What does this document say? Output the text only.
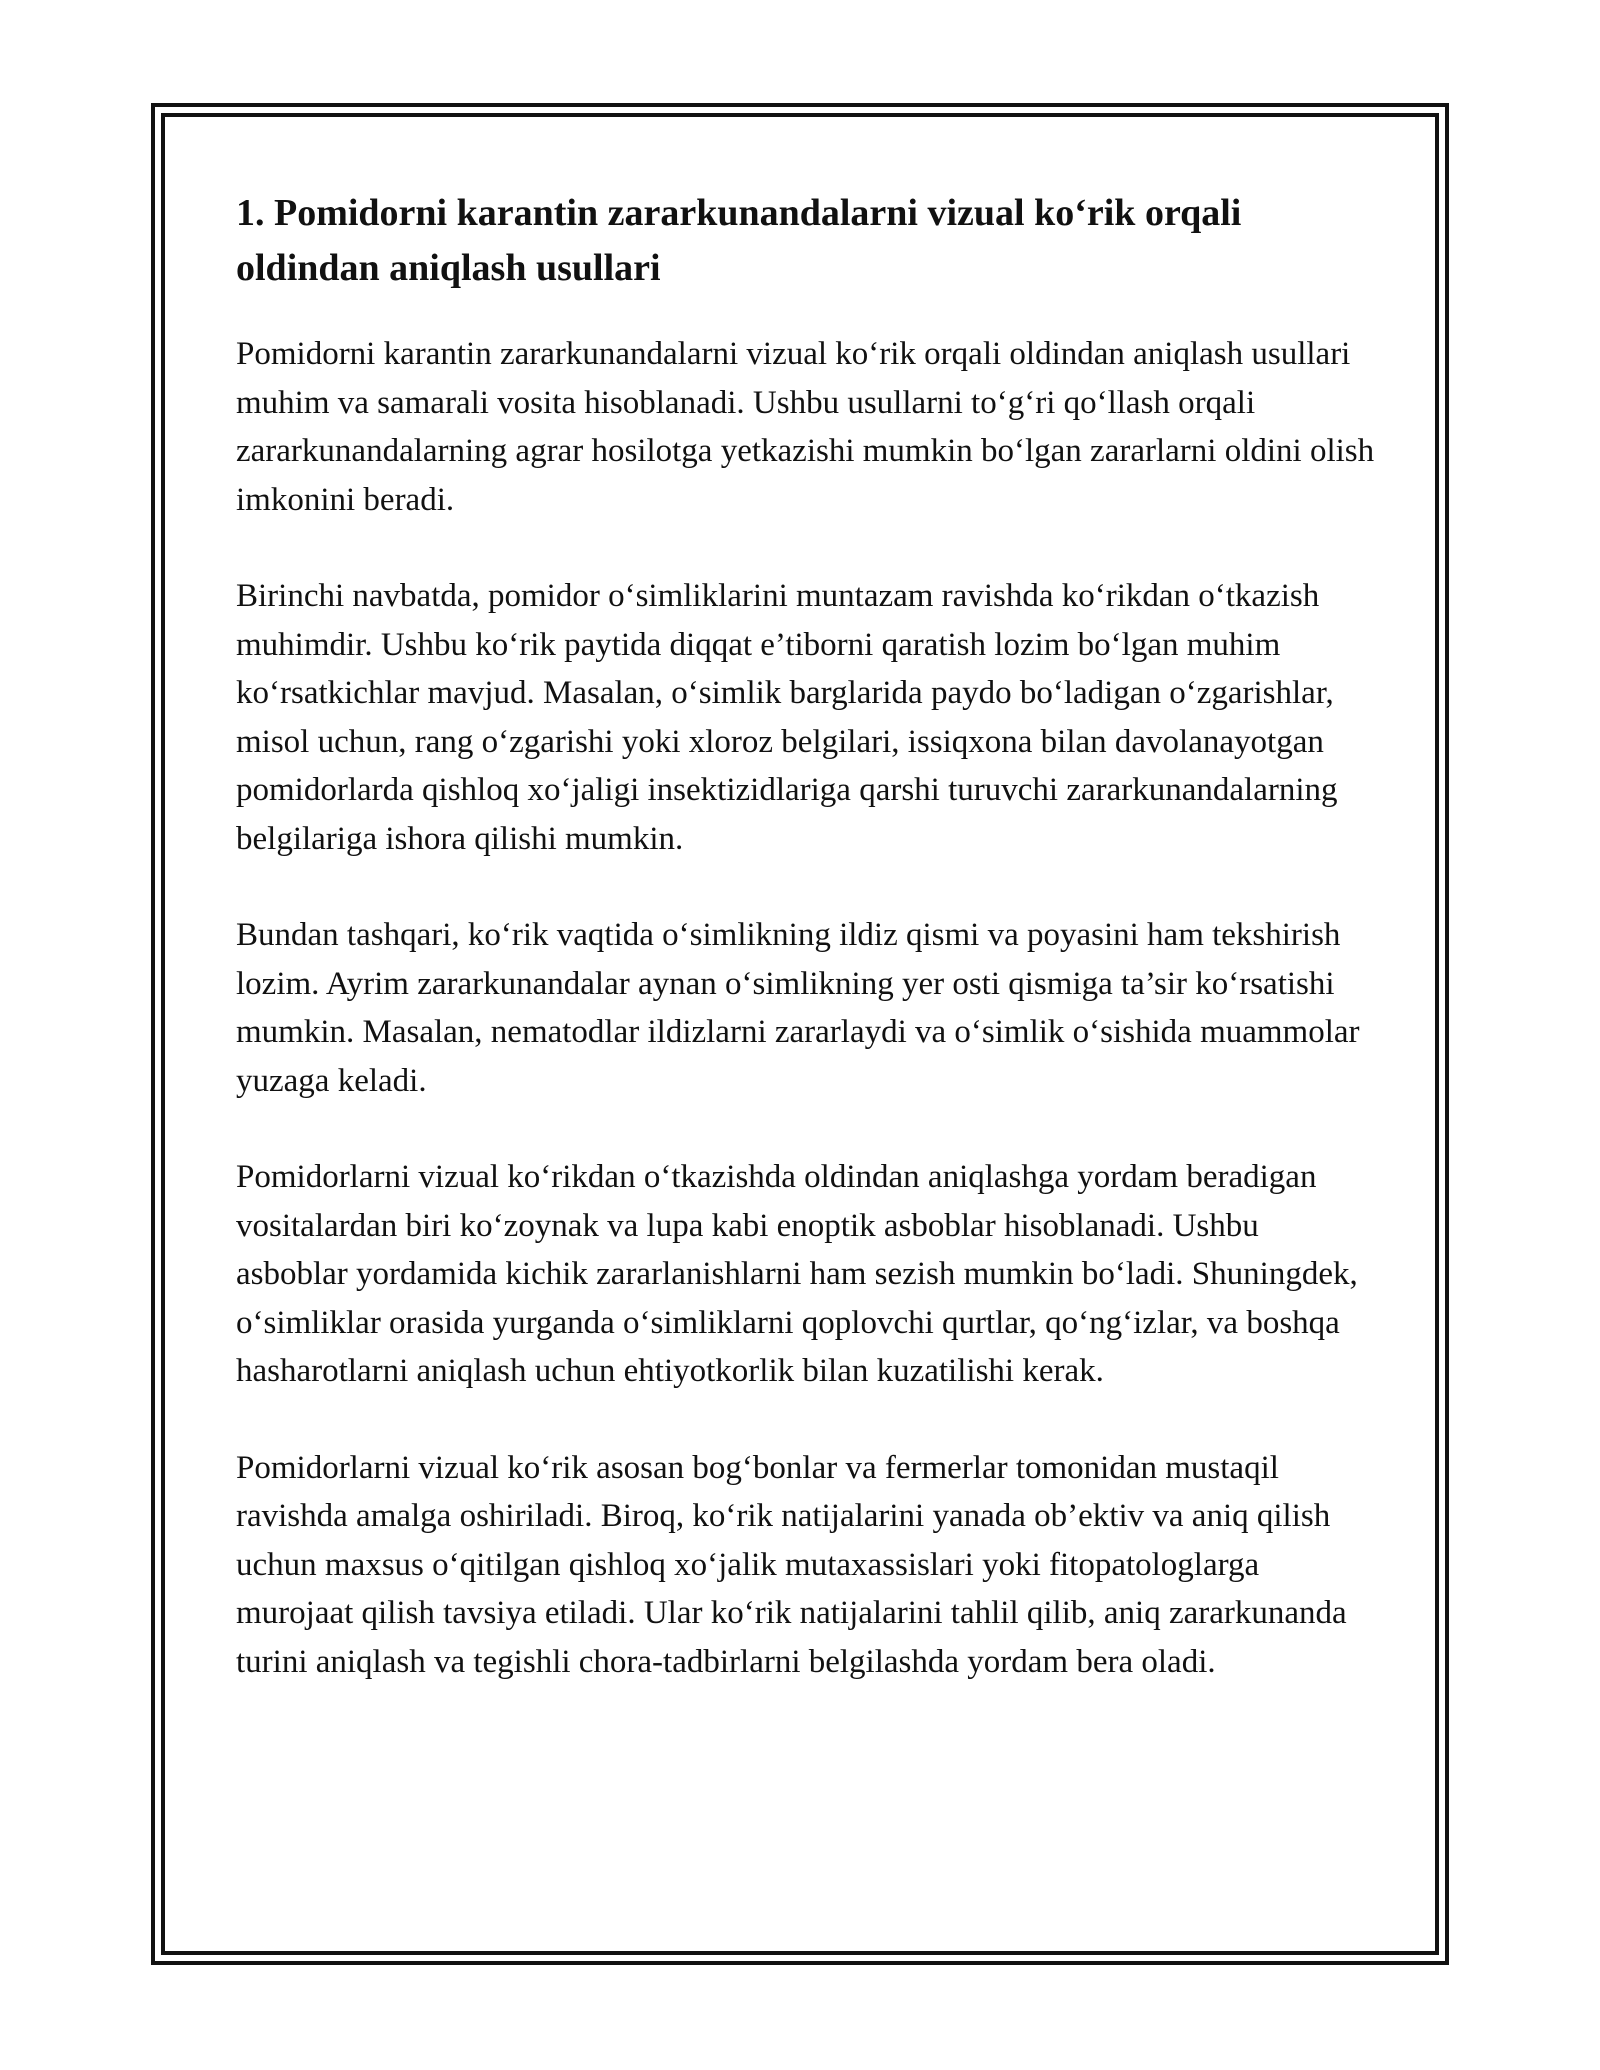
1. Pomidorni karantin zararkunandalarni vizual ko‘rik orqali oldindan aniqlash usullari

Pomidorni karantin zararkunandalarni vizual ko‘rik orqali oldindan aniqlash usullari muhim va samarali vosita hisoblanadi. Ushbu usullarni to‘g‘ri qo‘llash orqali zararkunandalarning agrar hosilotga yetkazishi mumkin bo‘lgan zararlarni oldini olish imkonini beradi.

Birinchi navbatda, pomidor o‘simliklarini muntazam ravishda ko‘rikdan o‘tkazish muhimdir. Ushbu ko‘rik paytida diqqat e’tiborni qaratish lozim bo‘lgan muhim ko‘rsatkichlar mavjud. Masalan, o‘simlik barglarida paydo bo‘ladigan o‘zgarishlar, misol uchun, rang o‘zgarishi yoki xloroz belgilari, issiqxona bilan davolanayotgan pomidorlarda qishloq xo‘jaligi insektizidlariga qarshi turuvchi zararkunandalarning belgilariga ishora qilishi mumkin.

Bundan tashqari, ko‘rik vaqtida o‘simlikning ildiz qismi va poyasini ham tekshirish lozim. Ayrim zararkunandalar aynan o‘simlikning yer osti qismiga ta’sir ko‘rsatishi mumkin. Masalan, nematodlar ildizlarni zararlaydi va o‘simlik o‘sishida muammolar yuzaga keladi.

Pomidorlarni vizual ko‘rikdan o‘tkazishda oldindan aniqlashga yordam beradigan vositalardan biri ko‘zoynak va lupa kabi enoptik asboblar hisoblanadi. Ushbu asboblar yordamida kichik zararlanishlarni ham sezish mumkin bo‘ladi. Shuningdek, o‘simliklar orasida yurganda o‘simliklarni qoplovchi qurtlar, qo‘ng‘izlar, va boshqa hasharotlarni aniqlash uchun ehtiyotkorlik bilan kuzatilishi kerak.

Pomidorlarni vizual ko‘rik asosan bog‘bonlar va fermerlar tomonidan mustaqil ravishda amalga oshiriladi. Biroq, ko‘rik natijalarini yanada ob’ektiv va aniq qilish uchun maxsus o‘qitilgan qishloq xo‘jalik mutaxassislari yoki fitopatologlarga murojaat qilish tavsiya etiladi. Ular ko‘rik natijalarini tahlil qilib, aniq zararkunanda turini aniqlash va tegishli chora-tadbirlarni belgilashda yordam bera oladi.
